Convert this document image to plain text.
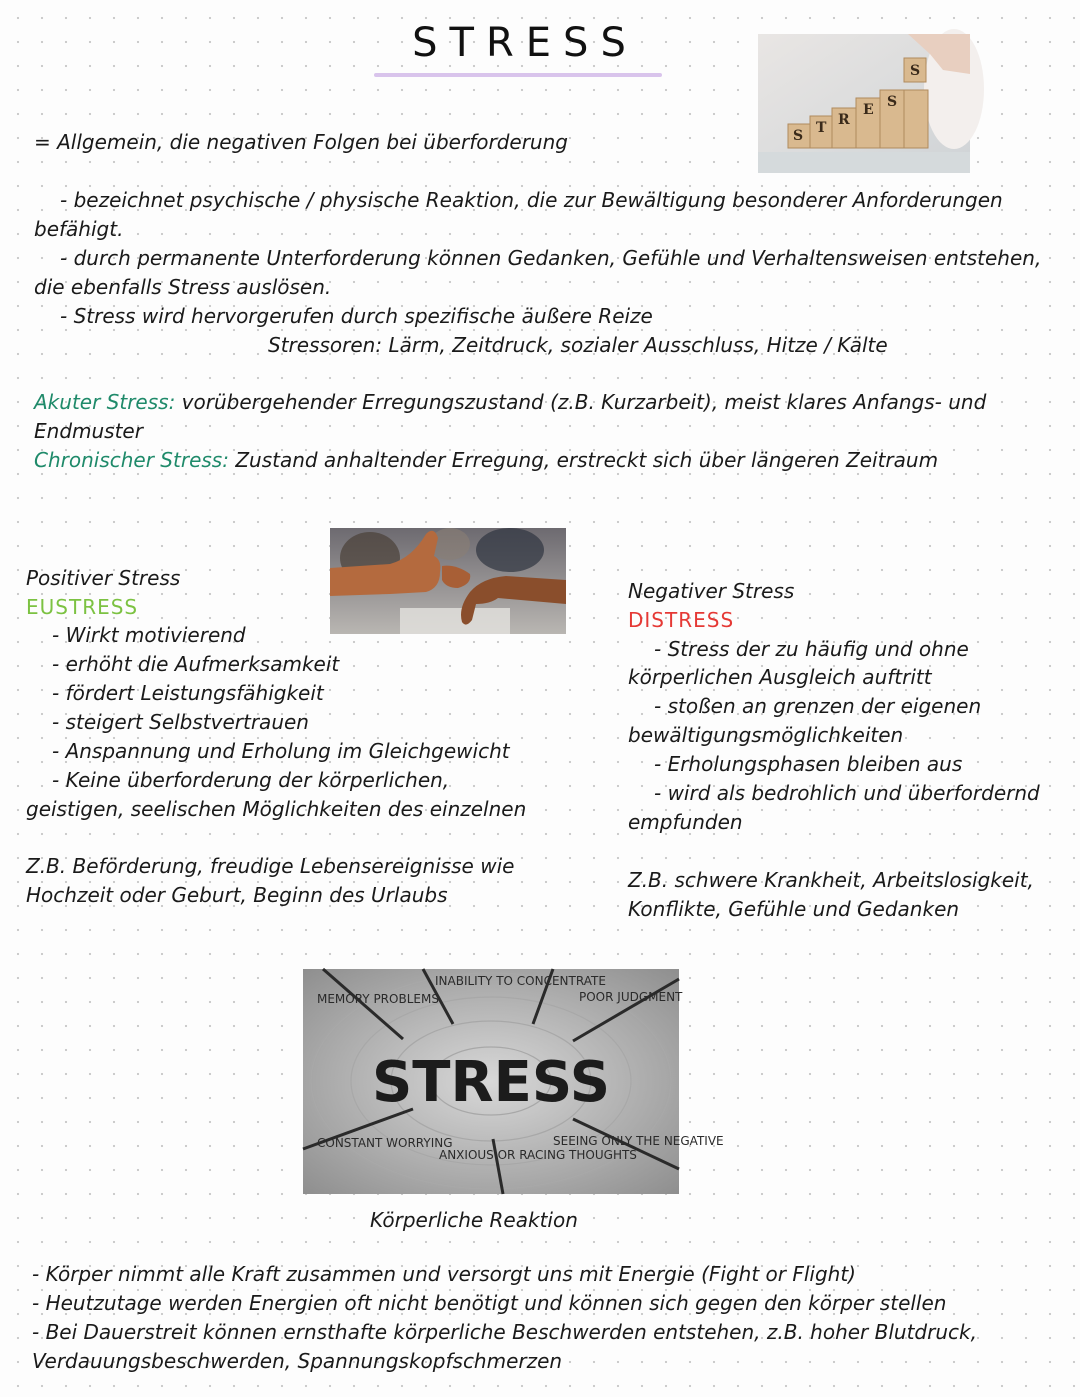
STRESS
S T R
E S
S
= Allgemein, die negativen Folgen bei überforderung
- bezeichnet psychische / physische Reaktion, die zur Bewältigung besonderer Anforderungen
befähigt.
- durch permanente Unterforderung können Gedanken, Gefühle und Verhaltensweisen entstehen,
die ebenfalls Stress auslösen.
- Stress wird hervorgerufen durch spezifische äußere Reize
Stressoren: Lärm, Zeitdruck, sozialer Ausschluss, Hitze / Kälte
Akuter Stress: vorübergehender Erregungszustand (z.B. Kurzarbeit), meist klares Anfangs- und
Endmuster
Chronischer Stress: Zustand anhaltender Erregung, erstreckt sich über längeren Zeitraum
Positiver Stress
EUSTRESS
- Wirkt motivierend
- erhöht die Aufmerksamkeit
- fördert Leistungsfähigkeit
- steigert Selbstvertrauen
- Anspannung und Erholung im Gleichgewicht
- Keine überforderung der körperlichen,
geistigen, seelischen Möglichkeiten des einzelnen
Z.B. Beförderung, freudige Lebensereignisse wie
Hochzeit oder Geburt, Beginn des Urlaubs
Negativer Stress
DISTRESS
- Stress der zu häufig und ohne
körperlichen Ausgleich auftritt
- stoßen an grenzen der eigenen
bewältigungsmöglichkeiten
- Erholungsphasen bleiben aus
- wird als bedrohlich und überfordernd
empfunden
Z.B. schwere Krankheit, Arbeitslosigkeit,
Konflikte, Gefühle und Gedanken
STRESS
MEMORY PROBLEMS
INABILITY TO CONCENTRATE
POOR JUDGMENT
CONSTANT WORRYING
ANXIOUS OR RACING THOUGHTS
SEEING ONLY THE NEGATIVE
Körperliche Reaktion
- Körper nimmt alle Kraft zusammen und versorgt uns mit Energie (Fight or Flight)
- Heutzutage werden Energien oft nicht benötigt und können sich gegen den körper stellen
- Bei Dauerstreit können ernsthafte körperliche Beschwerden entstehen, z.B. hoher Blutdruck,
Verdauungsbeschwerden, Spannungskopfschmerzen
